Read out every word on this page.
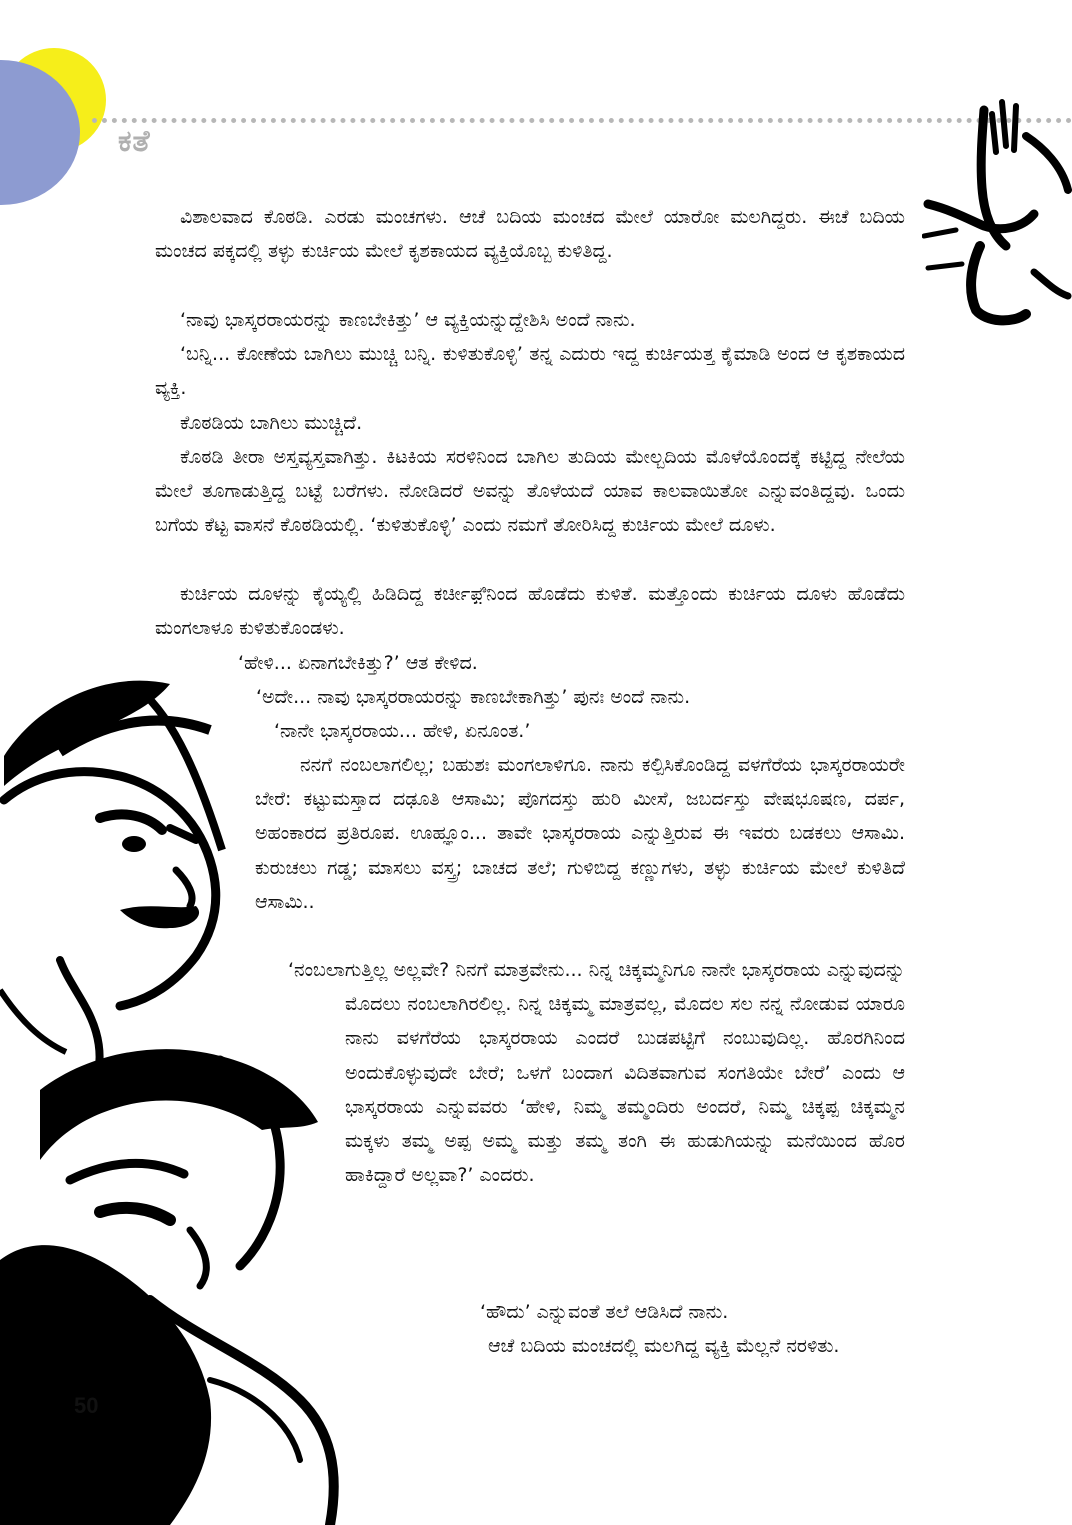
ಕತೆ

ವಿಶಾಲವಾದ ಕೊಠಡಿ. ಎರಡು ಮಂಚಗಳು. ಆಚೆ ಬದಿಯ ಮಂಚದ ಮೇಲೆ ಯಾರೋ ಮಲಗಿದ್ದರು. ಈಚೆ ಬದಿಯ ಮಂಚದ ಪಕ್ಕದಲ್ಲಿ ತಳ್ಳು ಕುರ್ಚಿಯ ಮೇಲೆ ಕೃಶಕಾಯದ ವ್ಯಕ್ತಿಯೊಬ್ಬ ಕುಳಿತಿದ್ದ.

‘ನಾವು ಭಾಸ್ಕರರಾಯರನ್ನು ಕಾಣಬೇಕಿತ್ತು’ ಆ ವ್ಯಕ್ತಿಯನ್ನುದ್ದೇಶಿಸಿ ಅಂದೆ ನಾನು.

‘ಬನ್ನಿ... ಕೋಣೆಯ ಬಾಗಿಲು ಮುಚ್ಚಿ ಬನ್ನಿ. ಕುಳಿತುಕೊಳ್ಳಿ’ ತನ್ನ ಎದುರು ಇದ್ದ ಕುರ್ಚಿಯತ್ತ ಕೈಮಾಡಿ ಅಂದ ಆ ಕೃಶಕಾಯದ ವ್ಯಕ್ತಿ.

ಕೊಠಡಿಯ ಬಾಗಿಲು ಮುಚ್ಚಿದೆ.

ಕೊಠಡಿ ತೀರಾ ಅಸ್ತವ್ಯಸ್ತವಾಗಿತ್ತು. ಕಿಟಕಿಯ ಸರಳಿನಿಂದ ಬಾಗಿಲ ತುದಿಯ ಮೇಲ್ಬದಿಯ ಮೊಳೆಯೊಂದಕ್ಕೆ ಕಟ್ಟಿದ್ದ ನೇಲೆಯ ಮೇಲೆ ತೂಗಾಡುತ್ತಿದ್ದ ಬಟ್ಟೆ ಬರೆಗಳು. ನೋಡಿದರೆ ಅವನ್ನು ತೊಳೆಯದೆ ಯಾವ ಕಾಲವಾಯಿತೋ ಎನ್ನುವಂತಿದ್ದವು. ಒಂದು ಬಗೆಯ ಕೆಟ್ಟ ವಾಸನೆ ಕೊಠಡಿಯಲ್ಲಿ. ‘ಕುಳಿತುಕೊಳ್ಳಿ’ ಎಂದು ನಮಗೆ ತೋರಿಸಿದ್ದ ಕುರ್ಚಿಯ ಮೇಲೆ ದೂಳು.

ಕುರ್ಚಿಯ ದೂಳನ್ನು ಕೈಯ್ಯಲ್ಲಿ ಹಿಡಿದಿದ್ದ ಕರ್ಚೀಫ಼ಿನಿಂದ ಹೊಡೆದು ಕುಳಿತೆ. ಮತ್ತೊಂದು ಕುರ್ಚಿಯ ದೂಳು ಹೊಡೆದು ಮಂಗಲಾಳೂ ಕುಳಿತುಕೊಂಡಳು.

‘ಹೇಳಿ... ಏನಾಗಬೇಕಿತ್ತು?’ ಆತ ಕೇಳಿದ.

‘ಅದೇ... ನಾವು ಭಾಸ್ಕರರಾಯರನ್ನು ಕಾಣಬೇಕಾಗಿತ್ತು’ ಪುನಃ ಅಂದೆ ನಾನು.

‘ನಾನೇ ಭಾಸ್ಕರರಾಯ... ಹೇಳಿ, ಏನೂಂತ.’

ನನಗೆ ನಂಬಲಾಗಲಿಲ್ಲ; ಬಹುಶಃ ಮಂಗಲಾಳಿಗೂ. ನಾನು ಕಲ್ಪಿಸಿಕೊಂಡಿದ್ದ ವಳಗೆರೆಯ ಭಾಸ್ಕರರಾಯರೇ ಬೇರೆ: ಕಟ್ಟುಮಸ್ತಾದ ದಢೂತಿ ಆಸಾಮಿ; ಪೊಗದಸ್ತು ಹುರಿ ಮೀಸೆ, ಜಬರ್ದಸ್ತು ವೇಷಭೂಷಣ, ದರ್ಪ, ಅಹಂಕಾರದ ಪ್ರತಿರೂಪ. ಊಹ್ಞೂಂ... ತಾವೇ ಭಾಸ್ಕರರಾಯ ಎನ್ನುತ್ತಿರುವ ಈ ಇವರು ಬಡಕಲು ಆಸಾಮಿ. ಕುರುಚಲು ಗಡ್ಡ; ಮಾಸಲು ವಸ್ತ್ರ; ಬಾಚದ ತಲೆ; ಗುಳಿಬಿದ್ದ ಕಣ್ಣುಗಳು, ತಳ್ಳು ಕುರ್ಚಿಯ ಮೇಲೆ ಕುಳಿತಿದೆ ಆಸಾಮಿ..

‘ನಂಬಲಾಗುತ್ತಿಲ್ಲ ಅಲ್ಲವೇ? ನಿನಗೆ ಮಾತ್ರವೇನು... ನಿನ್ನ ಚಿಕ್ಕಮ್ಮನಿಗೂ ನಾನೇ ಭಾಸ್ಕರರಾಯ ಎನ್ನುವುದನ್ನು ಮೊದಲು ನಂಬಲಾಗಿರಲಿಲ್ಲ. ನಿನ್ನ ಚಿಕ್ಕಮ್ಮ ಮಾತ್ರವಲ್ಲ, ಮೊದಲ ಸಲ ನನ್ನ ನೋಡುವ ಯಾರೂ ನಾನು ವಳಗೆರೆಯ ಭಾಸ್ಕರರಾಯ ಎಂದರೆ ಬುಡಪಟ್ಟಿಗೆ ನಂಬುವುದಿಲ್ಲ. ಹೊರಗಿನಿಂದ ಅಂದುಕೊಳ್ಳುವುದೇ ಬೇರೆ; ಒಳಗೆ ಬಂದಾಗ ವಿದಿತವಾಗುವ ಸಂಗತಿಯೇ ಬೇರೆ’ ಎಂದು ಆ ಭಾಸ್ಕರರಾಯ ಎನ್ನುವವರು ‘ಹೇಳಿ, ನಿಮ್ಮ ತಮ್ಮಂದಿರು ಅಂದರೆ, ನಿಮ್ಮ ಚಿಕ್ಕಪ್ಪ ಚಿಕ್ಕಮ್ಮನ ಮಕ್ಕಳು ತಮ್ಮ ಅಪ್ಪ ಅಮ್ಮ ಮತ್ತು ತಮ್ಮ ತಂಗಿ ಈ ಹುಡುಗಿಯನ್ನು ಮನೆಯಿಂದ ಹೊರ ಹಾಕಿದ್ದಾರೆ ಅಲ್ಲವಾ?’ ಎಂದರು.

‘ಹೌದು’ ಎನ್ನುವಂತೆ ತಲೆ ಆಡಿಸಿದೆ ನಾನು.

ಆಚೆ ಬದಿಯ ಮಂಚದಲ್ಲಿ ಮಲಗಿದ್ದ ವ್ಯಕ್ತಿ ಮೆಲ್ಲನೆ ನರಳಿತು.

50
